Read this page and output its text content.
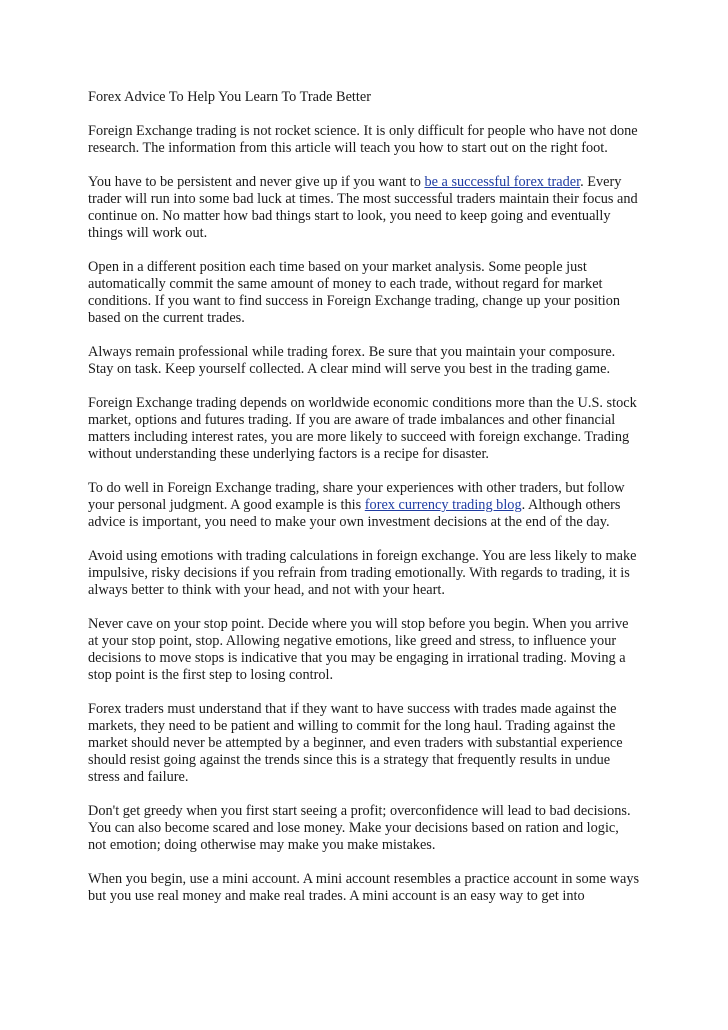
Forex Advice To Help You Learn To Trade Better

Foreign Exchange trading is not rocket science. It is only difficult for people who have not done research. The information from this article will teach you how to start out on the right foot.

You have to be persistent and never give up if you want to be a successful forex trader. Every trader will run into some bad luck at times. The most successful traders maintain their focus and continue on. No matter how bad things start to look, you need to keep going and eventually things will work out.

Open in a different position each time based on your market analysis. Some people just automatically commit the same amount of money to each trade, without regard for market conditions. If you want to find success in Foreign Exchange trading, change up your position based on the current trades.

Always remain professional while trading forex. Be sure that you maintain your composure. Stay on task. Keep yourself collected. A clear mind will serve you best in the trading game.

Foreign Exchange trading depends on worldwide economic conditions more than the U.S. stock market, options and futures trading. If you are aware of trade imbalances and other financial matters including interest rates, you are more likely to succeed with foreign exchange. Trading without understanding these underlying factors is a recipe for disaster.

To do well in Foreign Exchange trading, share your experiences with other traders, but follow your personal judgment. A good example is this forex currency trading blog. Although others advice is important, you need to make your own investment decisions at the end of the day.

Avoid using emotions with trading calculations in foreign exchange. You are less likely to make impulsive, risky decisions if you refrain from trading emotionally. With regards to trading, it is always better to think with your head, and not with your heart.

Never cave on your stop point. Decide where you will stop before you begin. When you arrive at your stop point, stop. Allowing negative emotions, like greed and stress, to influence your decisions to move stops is indicative that you may be engaging in irrational trading. Moving a stop point is the first step to losing control.

Forex traders must understand that if they want to have success with trades made against the markets, they need to be patient and willing to commit for the long haul. Trading against the market should never be attempted by a beginner, and even traders with substantial experience should resist going against the trends since this is a strategy that frequently results in undue stress and failure.

Don't get greedy when you first start seeing a profit; overconfidence will lead to bad decisions. You can also become scared and lose money. Make your decisions based on ration and logic, not emotion; doing otherwise may make you make mistakes.

When you begin, use a mini account. A mini account resembles a practice account in some ways but you use real money and make real trades. A mini account is an easy way to get into
